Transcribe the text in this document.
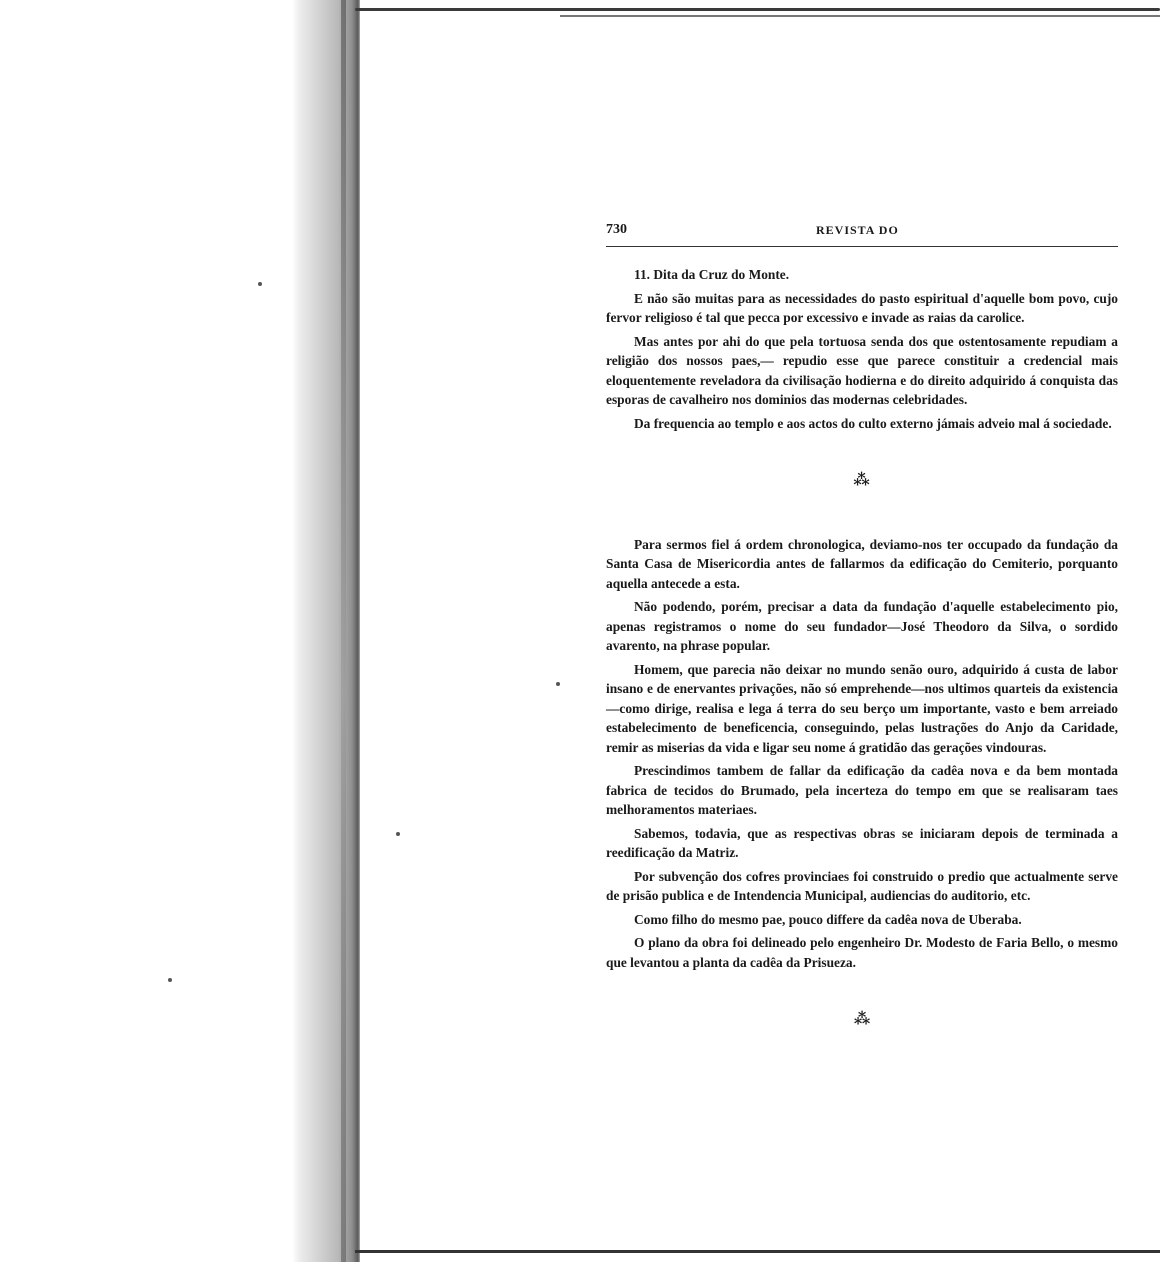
730	REVISTA DO

11. Dita da Cruz do Monte.

E não são muitas para as necessidades do pasto espiritual d'aquelle bom povo, cujo fervor religioso é tal que pecca por excessivo e invade as raias da carolice.

Mas antes por ahi do que pela tortuosa senda dos que ostentosamente repudiam a religião dos nossos paes,— repudio esse que parece constituir a credencial mais eloquentemente reveladora da civilisação hodierna e do direito adquirido á conquista das esporas de cavalheiro nos dominios das modernas celebridades.

Da frequencia ao templo e aos actos do culto externo jámais adveio mal á sociedade.

⁂

Para sermos fiel á ordem chronologica, deviamo-nos ter occupado da fundação da Santa Casa de Misericordia antes de fallarmos da edificação do Cemiterio, porquanto aquella antecede a esta.

Não podendo, porém, precisar a data da fundação d'aquelle estabelecimento pio, apenas registramos o nome do seu fundador—José Theodoro da Silva, o sordido avarento, na phrase popular.

Homem, que parecia não deixar no mundo senão ouro, adquirido á custa de labor insano e de enervantes privações, não só emprehende—nos ultimos quarteis da existencia—como dirige, realisa e lega á terra do seu berço um importante, vasto e bem arreiado estabelecimento de beneficencia, conseguindo, pelas lustrações do Anjo da Caridade, remir as miserias da vida e ligar seu nome á gratidão das gerações vindouras.

Prescindimos tambem de fallar da edificação da cadêa nova e da bem montada fabrica de tecidos do Brumado, pela incerteza do tempo em que se realisaram taes melhoramentos materiaes.

Sabemos, todavia, que as respectivas obras se iniciaram depois de terminada a reedificação da Matriz.

Por subvenção dos cofres provinciaes foi construido o predio que actualmente serve de prisão publica e de Intendencia Municipal, audiencias do auditorio, etc.

Como filho do mesmo pae, pouco differe da cadêa nova de Uberaba.

O plano da obra foi delineado pelo engenheiro Dr. Modesto de Faria Bello, o mesmo que levantou a planta da cadêa da Prisueza.

⁂
